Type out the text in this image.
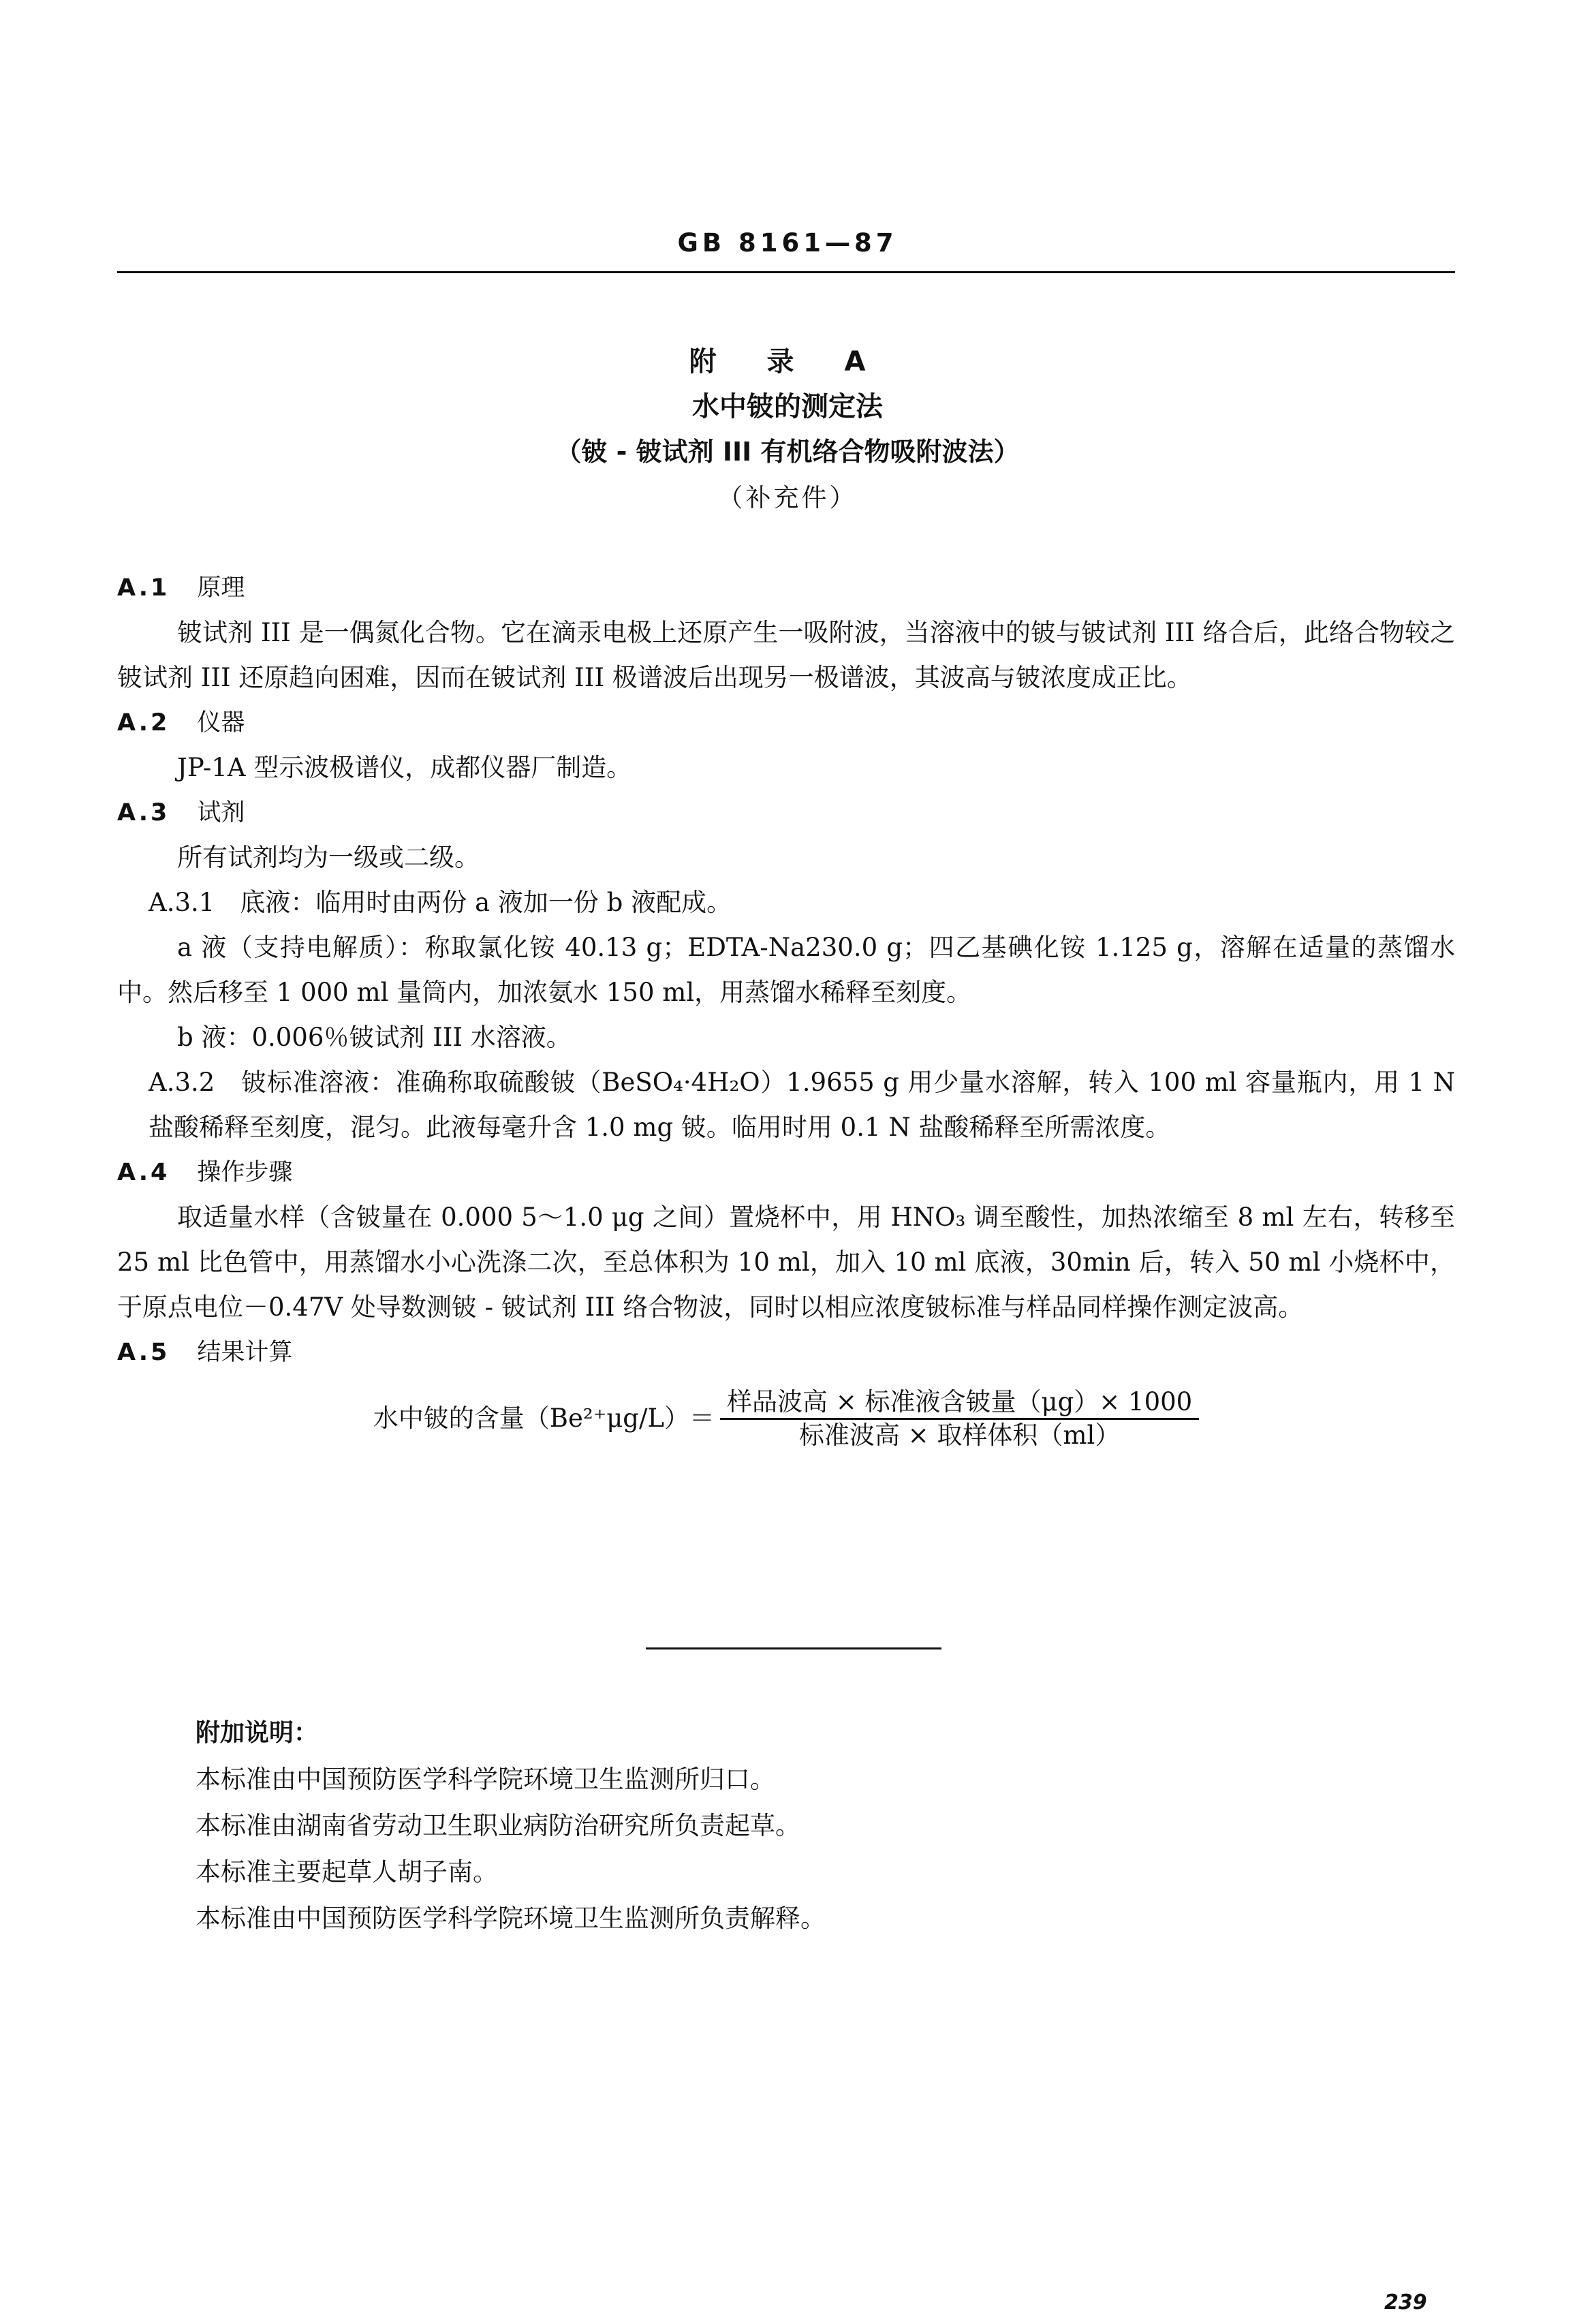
GB 8161—87
附 录 A
水中铍的测定法
（铍 - 铍试剂 III 有机络合物吸附波法）
（补充件）
A.1 原理
铍试剂 III 是一偶氮化合物。它在滴汞电极上还原产生一吸附波，当溶液中的铍与铍试剂 III 络合后，此络合物较之铍试剂 III 还原趋向困难，因而在铍试剂 III 极谱波后出现另一极谱波，其波高与铍浓度成正比。
A.2 仪器
JP-1A 型示波极谱仪，成都仪器厂制造。
A.3 试剂
所有试剂均为一级或二级。
A.3.1　底液：临用时由两份 a 液加一份 b 液配成。
a 液（支持电解质）：称取氯化铵 40.13 g；EDTA-Na230.0 g；四乙基碘化铵 1.125 g，溶解在适量的蒸馏水中。然后移至 1 000 ml 量筒内，加浓氨水 150 ml，用蒸馏水稀释至刻度。
b 液：0.006％铍试剂 III 水溶液。
A.3.2　铍标准溶液：准确称取硫酸铍（BeSO₄·4H₂O）1.9655 g 用少量水溶解，转入 100 ml 容量瓶内，用 1 N 盐酸稀释至刻度，混匀。此液每毫升含 1.0 mg 铍。临用时用 0.1 N 盐酸稀释至所需浓度。
A.4 操作步骤
取适量水样（含铍量在 0.000 5～1.0 μg 之间）置烧杯中，用 HNO₃ 调至酸性，加热浓缩至 8 ml 左右，转移至 25 ml 比色管中，用蒸馏水小心洗涤二次，至总体积为 10 ml，加入 10 ml 底液，30min 后，转入 50 ml 小烧杯中，于原点电位－0.47V 处导数测铍 - 铍试剂 III 络合物波，同时以相应浓度铍标准与样品同样操作测定波高。
A.5 结果计算
水中铍的含量$(Be^{2+}\mu g/L)= \frac{\text{样品波高 × 标准液含铍量（μg）× 1000}}{\text{标准波高 × 取样体积（ml）}}$
附加说明：
本标准由中国预防医学科学院环境卫生监测所归口。
本标准由湖南省劳动卫生职业病防治研究所负责起草。
本标准主要起草人胡子南。
本标准由中国预防医学科学院环境卫生监测所负责解释。
239
